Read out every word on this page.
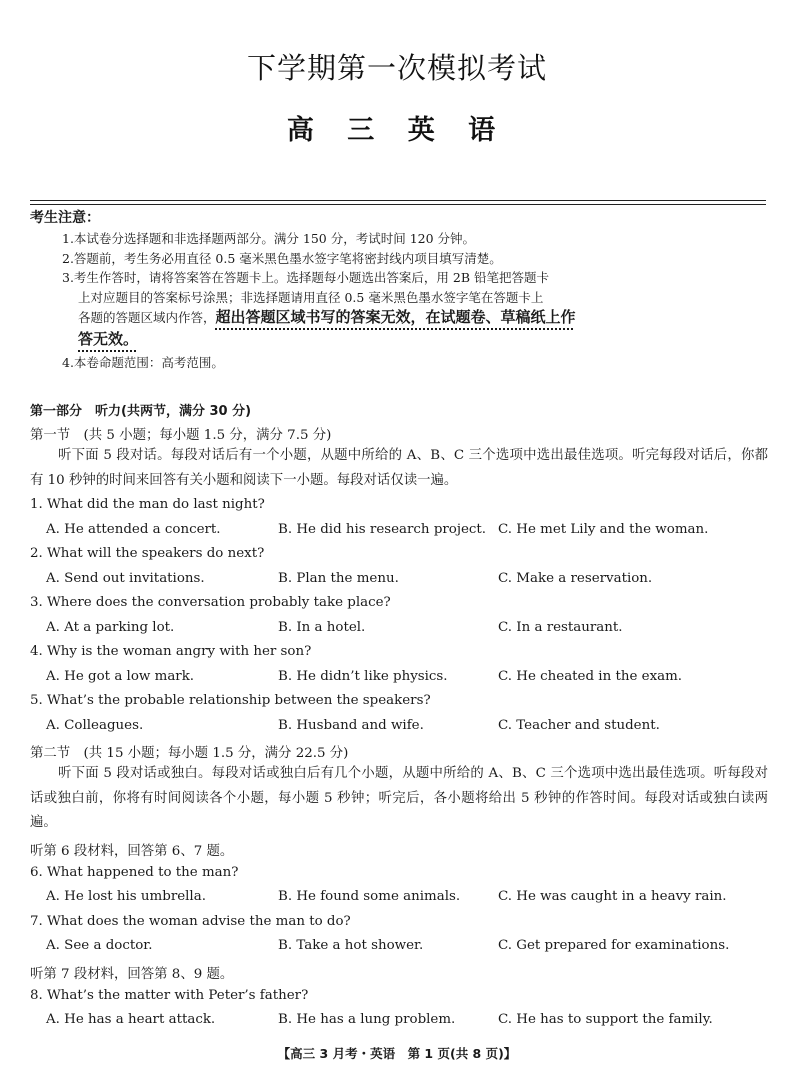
下学期第一次模拟考试
高 三 英 语
考生注意：
1.本试卷分选择题和非选择题两部分。满分 150 分，考试时间 120 分钟。
2.答题前，考生务必用直径 0.5 毫米黑色墨水签字笔将密封线内项目填写清楚。
3.考生作答时，请将答案答在答题卡上。选择题每小题选出答案后，用 2B 铅笔把答题卡
上对应题目的答案标号涂黑；非选择题请用直径 0.5 毫米黑色墨水签字笔在答题卡上
各题的答题区域内作答，超出答题区域书写的答案无效，在试题卷、草稿纸上作
答无效。
4.本卷命题范围：高考范围。
第一部分　听力(共两节，满分 30 分)
第一节　(共 5 小题；每小题 1.5 分，满分 7.5 分)
听下面 5 段对话。每段对话后有一个小题，从题中所给的 A、B、C 三个选项中选出最佳选项。听完每段对话后，你都有 10 秒钟的时间来回答有关小题和阅读下一小题。每段对话仅读一遍。
1. What did the man do last night?
A. He attended a concert.	B. He did his research project. C. He met Lily and the woman.
2. What will the speakers do next?
A. Send out invitations.	B. Plan the menu.	C. Make a reservation.
3. Where does the conversation probably take place?
A. At a parking lot.	B. In a hotel.	C. In a restaurant.
4. Why is the woman angry with her son?
A. He got a low mark.	B. He didn’t like physics.	C. He cheated in the exam.
5. What’s the probable relationship between the speakers?
A. Colleagues.	B. Husband and wife.	C. Teacher and student.
第二节　(共 15 小题；每小题 1.5 分，满分 22.5 分)
听下面 5 段对话或独白。每段对话或独白后有几个小题，从题中所给的 A、B、C 三个选项中选出最佳选项。听每段对话或独白前，你将有时间阅读各个小题，每小题 5 秒钟；听完后，各小题将给出 5 秒钟的作答时间。每段对话或独白读两遍。
听第 6 段材料，回答第 6、7 题。
6. What happened to the man?
A. He lost his umbrella.	B. He found some animals.	C. He was caught in a heavy rain.
7. What does the woman advise the man to do?
A. See a doctor.	B. Take a hot shower.	C. Get prepared for examinations.
听第 7 段材料，回答第 8、9 题。
8. What’s the matter with Peter’s father?
A. He has a heart attack.	B. He has a lung problem.	C. He has to support the family.
【高三 3 月考・英语　第 1 页(共 8 页)】
